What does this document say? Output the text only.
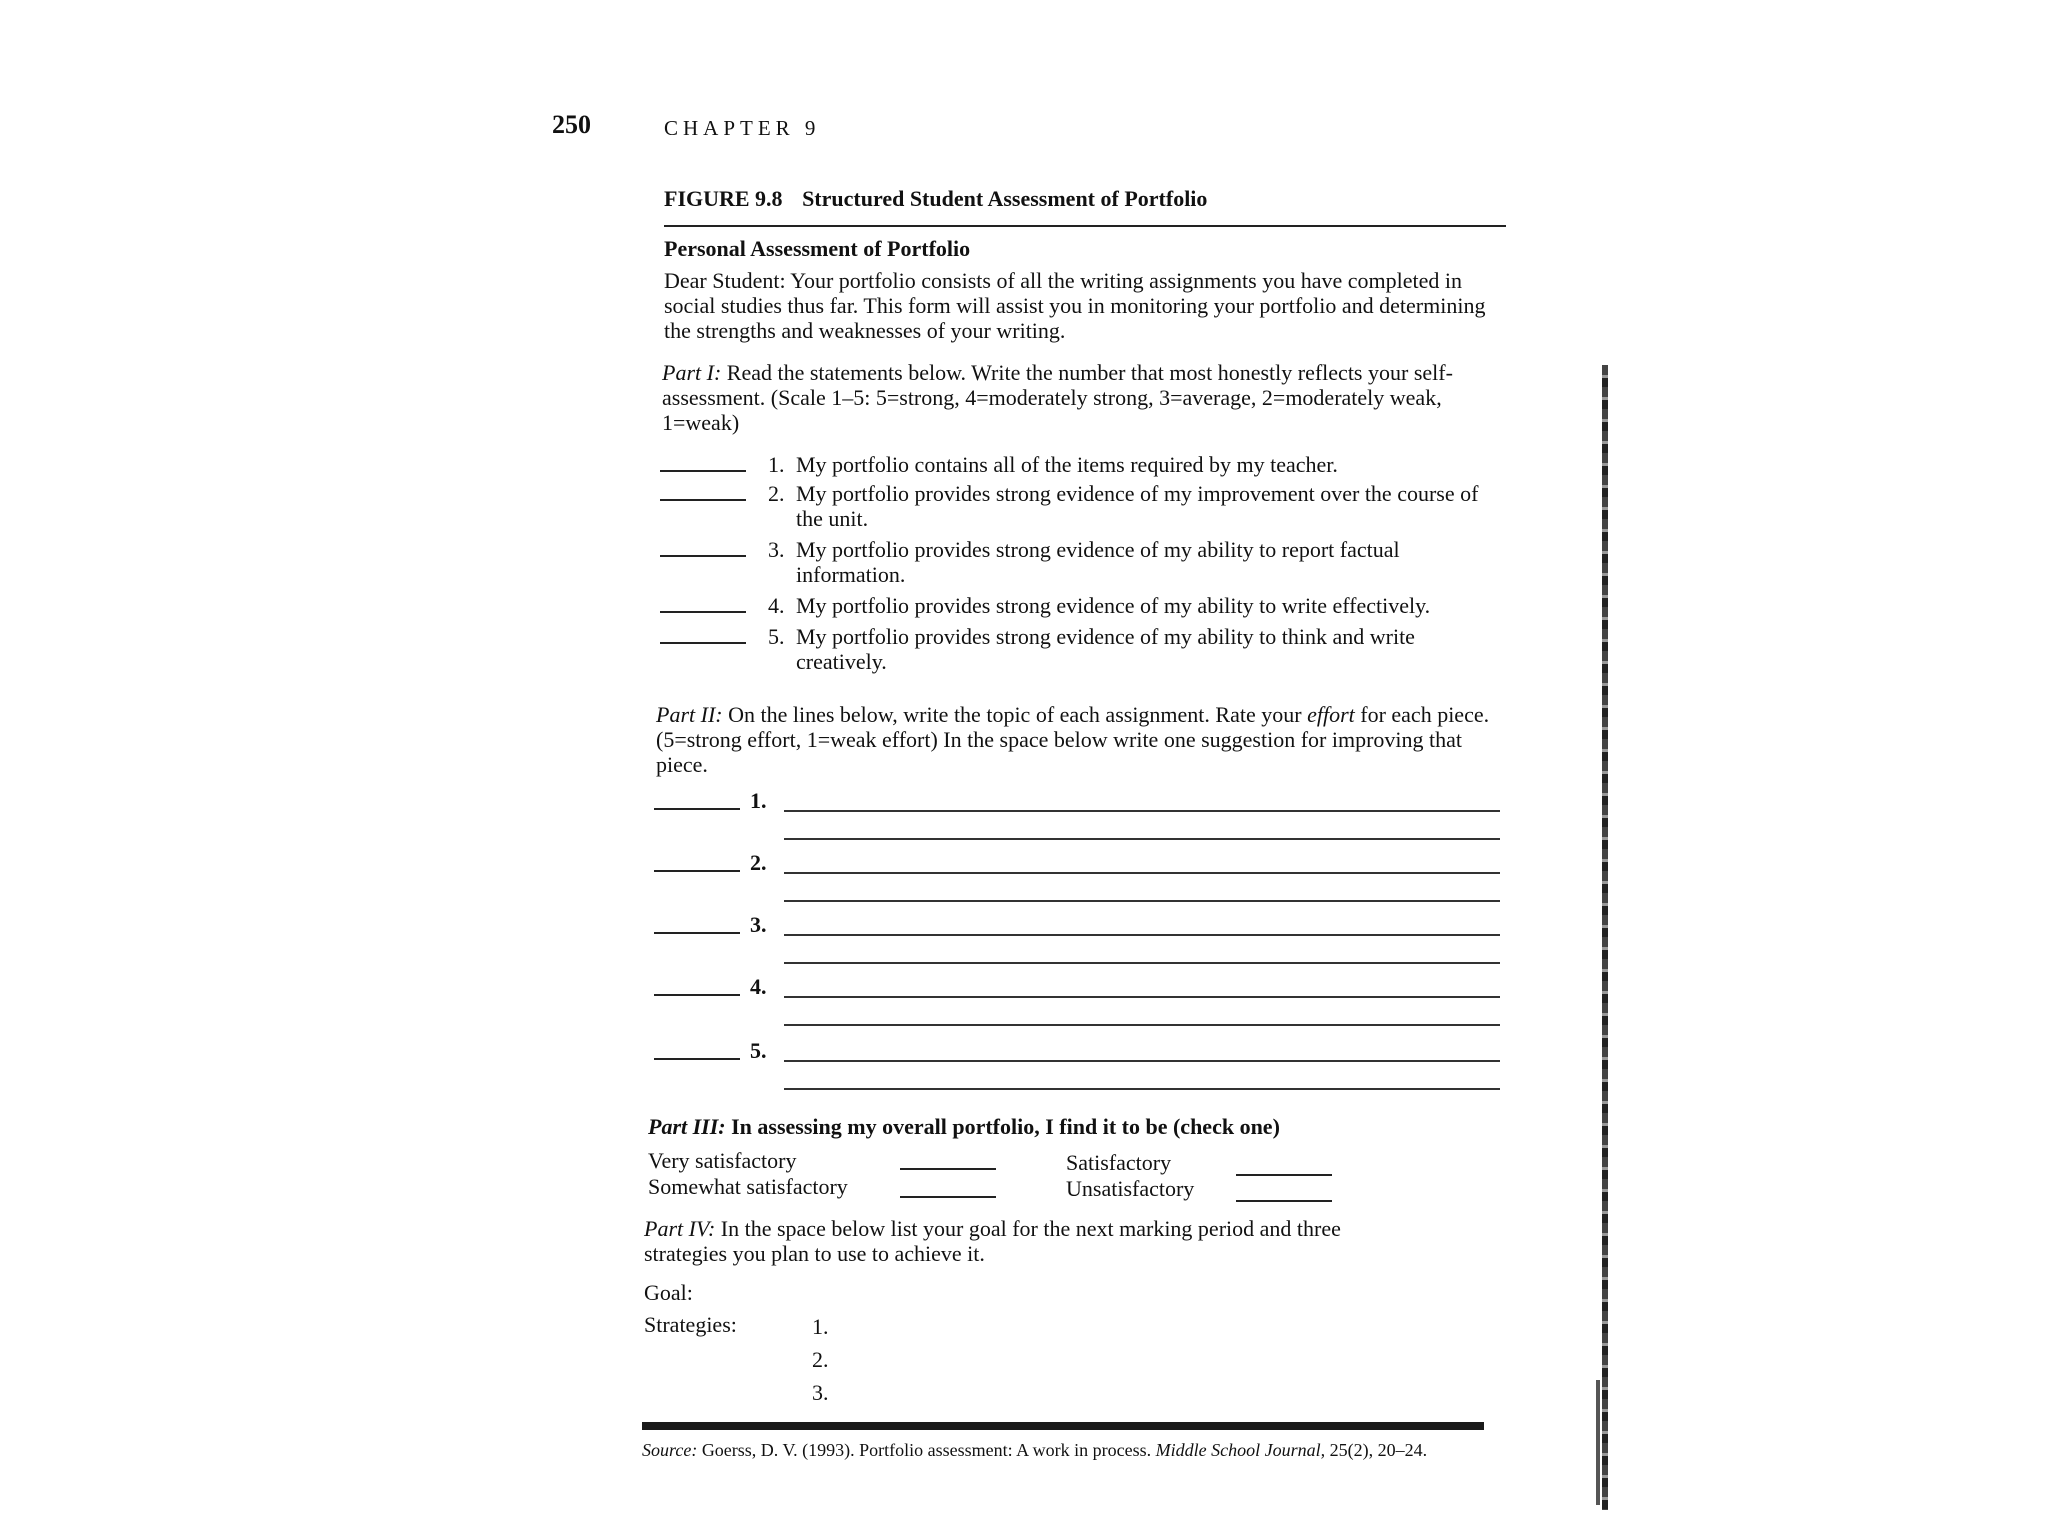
250	CHAPTER 9
FIGURE 9.8 Structured Student Assessment of Portfolio
Personal Assessment of Portfolio
Dear Student: Your portfolio consists of all the writing assignments you have completed in social studies thus far. This form will assist you in monitoring your portfolio and determining the strengths and weaknesses of your writing.
Part I: Read the statements below. Write the number that most honestly reflects your self-assessment. (Scale 1–5: 5=strong, 4=moderately strong, 3=average, 2=moderately weak, 1=weak)
1. My portfolio contains all of the items required by my teacher.
2. My portfolio provides strong evidence of my improvement over the course of the unit.
3. My portfolio provides strong evidence of my ability to report factual information.
4. My portfolio provides strong evidence of my ability to write effectively.
5. My portfolio provides strong evidence of my ability to think and write creatively.
Part II: On the lines below, write the topic of each assignment. Rate your effort for each piece. (5=strong effort, 1=weak effort) In the space below write one suggestion for improving that piece.
1.
2.
3.
4.
5.
Part III: In assessing my overall portfolio, I find it to be (check one)
Very satisfactory
Somewhat satisfactory
Satisfactory
Unsatisfactory
Part IV: In the space below list your goal for the next marking period and three strategies you plan to use to achieve it.
Goal:
Strategies:	1.
2.
3.
Source: Goerss, D. V. (1993). Portfolio assessment: A work in process. Middle School Journal, 25(2), 20–24.
